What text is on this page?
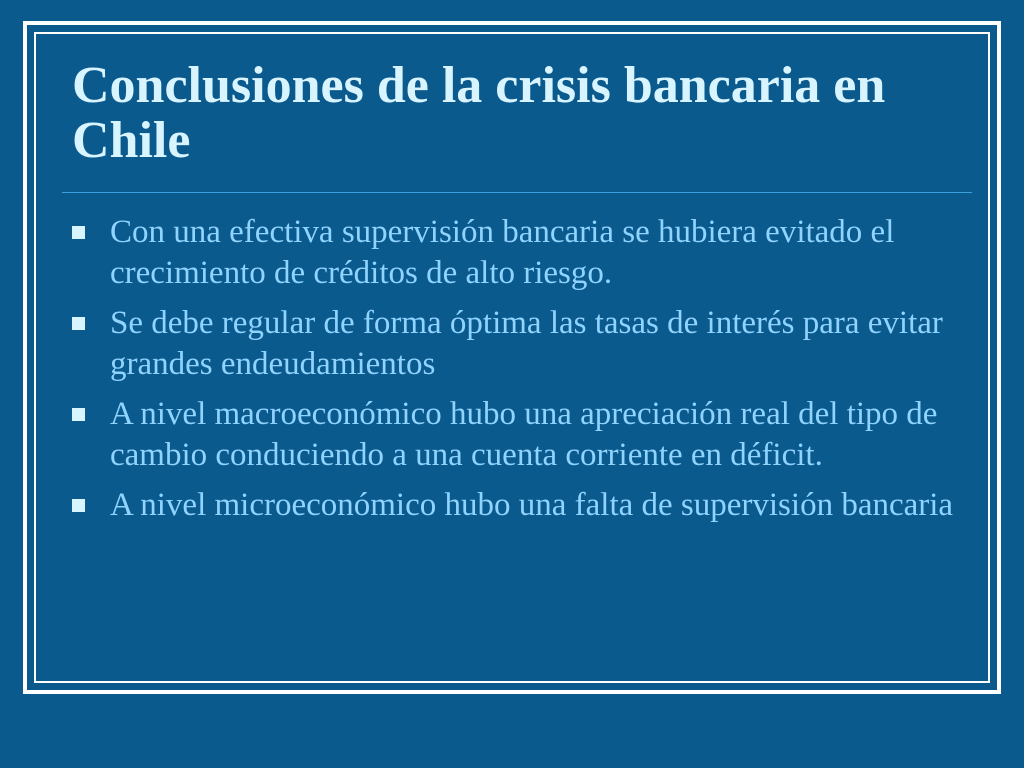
Conclusiones de la crisis bancaria en Chile
Con una efectiva supervisión bancaria se hubiera evitado el crecimiento de créditos de alto riesgo.
Se debe regular de forma óptima las tasas de interés para evitar grandes endeudamientos
A nivel macroeconómico hubo una apreciación real del tipo de cambio conduciendo a una cuenta corriente en déficit.
A nivel microeconómico hubo una falta de supervisión bancaria
